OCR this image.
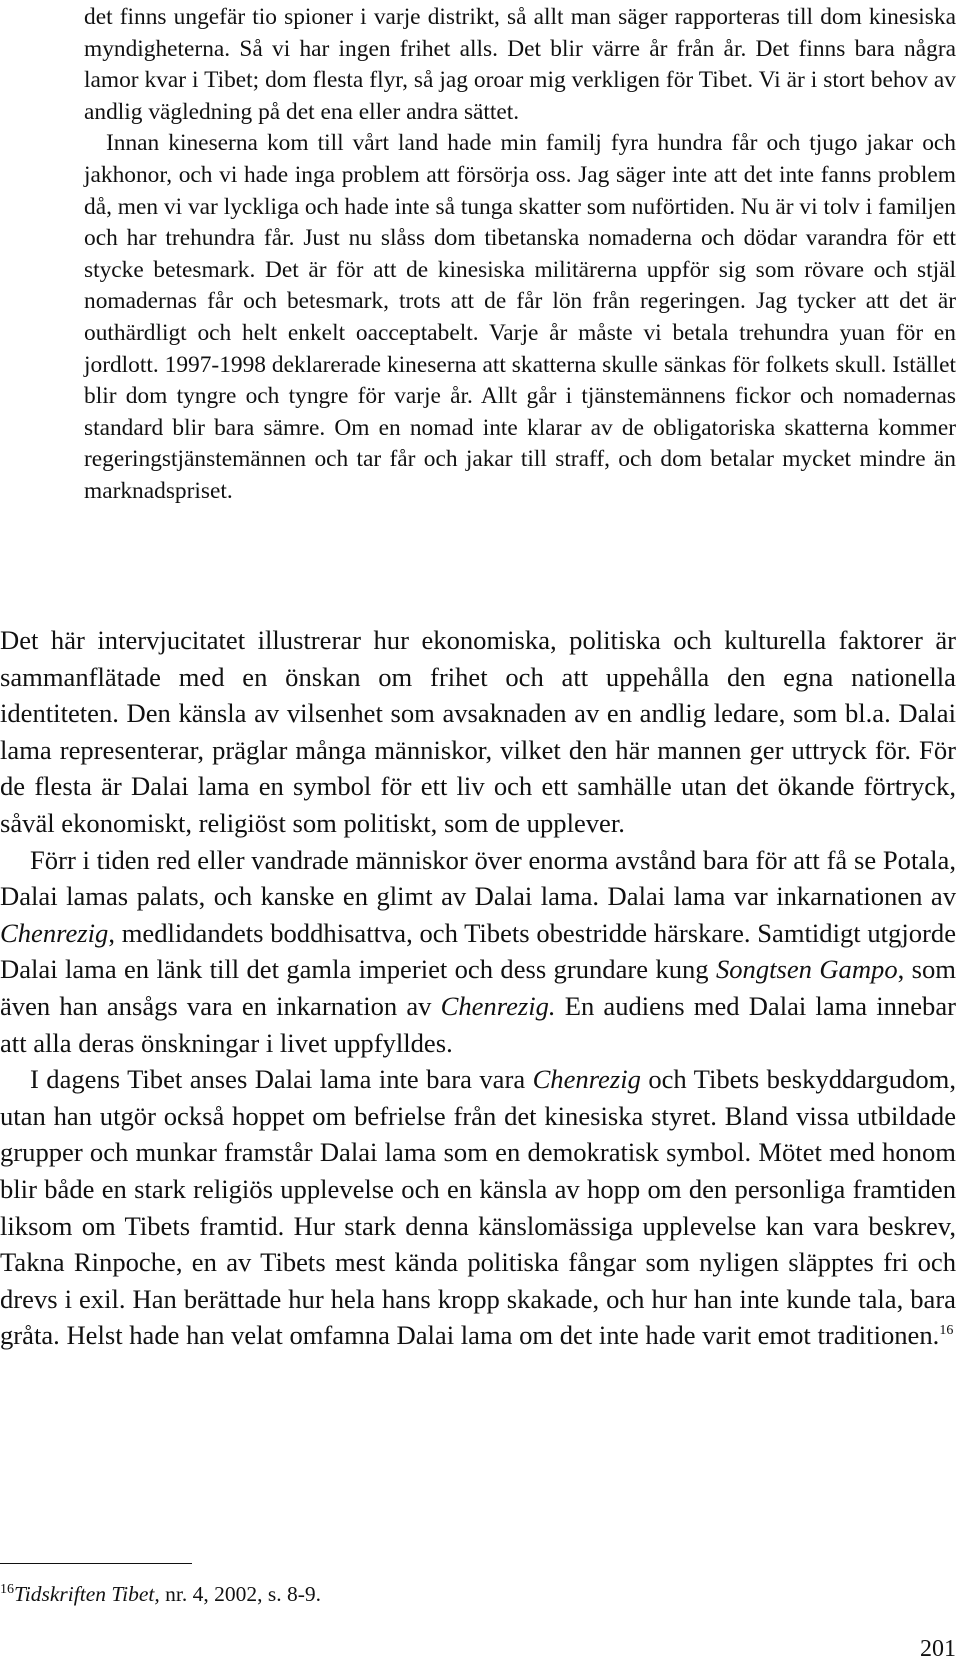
det finns ungefär tio spioner i varje distrikt, så allt man säger rapporteras till dom kinesiska myndigheterna. Så vi har ingen frihet alls. Det blir värre år från år. Det finns bara några lamor kvar i Tibet; dom flesta flyr, så jag oroar mig verkligen för Tibet. Vi är i stort behov av andlig vägledning på det ena eller andra sättet.

Innan kineserna kom till vårt land hade min familj fyra hundra får och tjugo jakar och jakhonor, och vi hade inga problem att försörja oss. Jag säger inte att det inte fanns problem då, men vi var lyckliga och hade inte så tunga skatter som nuförtiden. Nu är vi tolv i familjen och har trehundra får. Just nu slåss dom tibetanska nomaderna och dödar varandra för ett stycke betesmark. Det är för att de kinesiska militärerna uppför sig som rövare och stjäl nomadernas får och betesmark, trots att de får lön från regeringen. Jag tycker att det är outhärdligt och helt enkelt oacceptabelt. Varje år måste vi betala trehundra yuan för en jordlott. 1997-1998 deklarerade kineserna att skatterna skulle sänkas för folkets skull. Istället blir dom tyngre och tyngre för varje år. Allt går i tjänstemännens fickor och nomadernas standard blir bara sämre. Om en nomad inte klarar av de obligatoriska skatterna kommer regeringstjänstemännen och tar får och jakar till straff, och dom betalar mycket mindre än marknadspriset.

Det här intervjucitatet illustrerar hur ekonomiska, politiska och kulturella faktorer är sammanflätade med en önskan om frihet och att uppehålla den egna nationella identiteten. Den känsla av vilsenhet som avsaknaden av en andlig ledare, som bl.a. Dalai lama representerar, präglar många människor, vilket den här mannen ger uttryck för. För de flesta är Dalai lama en symbol för ett liv och ett samhälle utan det ökande förtryck, såväl ekonomiskt, religiöst som politiskt, som de upplever.

Förr i tiden red eller vandrade människor över enorma avstånd bara för att få se Potala, Dalai lamas palats, och kanske en glimt av Dalai lama. Dalai lama var inkarnationen av Chenrezig, medlidandets boddhisattva, och Tibets obestridde härskare. Samtidigt utgjorde Dalai lama en länk till det gamla imperiet och dess grundare kung Songtsen Gampo, som även han ansågs vara en inkarnation av Chenrezig. En audiens med Dalai lama innebar att alla deras önskningar i livet uppfylldes.

I dagens Tibet anses Dalai lama inte bara vara Chenrezig och Tibets beskyddargudom, utan han utgör också hoppet om befrielse från det kinesiska styret. Bland vissa utbildade grupper och munkar framstår Dalai lama som en demokratisk symbol. Mötet med honom blir både en stark religiös upplevelse och en känsla av hopp om den personliga framtiden liksom om Tibets framtid. Hur stark denna känslomässiga upplevelse kan vara beskrev, Takna Rinpoche, en av Tibets mest kända politiska fångar som nyligen släpptes fri och drevs i exil. Han berättade hur hela hans kropp skakade, och hur han inte kunde tala, bara gråta. Helst hade han velat omfamna Dalai lama om det inte hade varit emot traditionen.$^{16}$

$^{16}$Tidskriften Tibet, nr. 4, 2002, s. 8-9.
201
